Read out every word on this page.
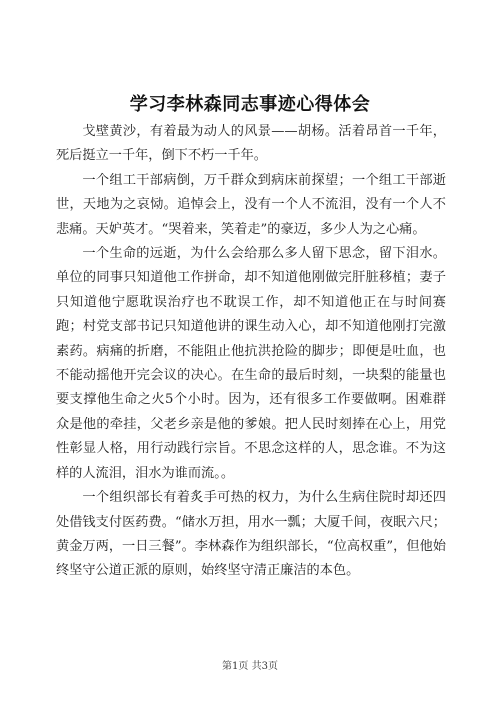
学习李林森同志事迹心得体会

戈壁黄沙，有着最为动人的风景——胡杨。活着昂首一千年，死后挺立一千年，倒下不朽一千年。

一个组工干部病倒，万千群众到病床前探望；一个组工干部逝世，天地为之哀恸。追悼会上，没有一个人不流泪，没有一个人不悲痛。天妒英才。“哭着来，笑着走”的豪迈，多少人为之心痛。

一个生命的远逝，为什么会给那么多人留下思念，留下泪水。单位的同事只知道他工作拼命，却不知道他刚做完肝脏移植；妻子只知道他宁愿耽误治疗也不耽误工作，却不知道他正在与时间赛跑；村党支部书记只知道他讲的课生动入心，却不知道他刚打完激素药。病痛的折磨，不能阻止他抗洪抢险的脚步；即便是吐血，也不能动摇他开完会议的决心。在生命的最后时刻，一块梨的能量也要支撑他生命之火5个小时。因为，还有很多工作要做啊。困难群众是他的牵挂，父老乡亲是他的爹娘。把人民时刻捧在心上，用党性彰显人格，用行动践行宗旨。不思念这样的人，思念谁。不为这样的人流泪，泪水为谁而流。。

一个组织部长有着炙手可热的权力，为什么生病住院时却还四处借钱支付医药费。“储水万担，用水一瓢；大厦千间，夜眠六尺；黄金万两，一日三餐”。李林森作为组织部长，“位高权重”，但他始终坚守公道正派的原则，始终坚守清正廉洁的本色。

第1页 共3页
